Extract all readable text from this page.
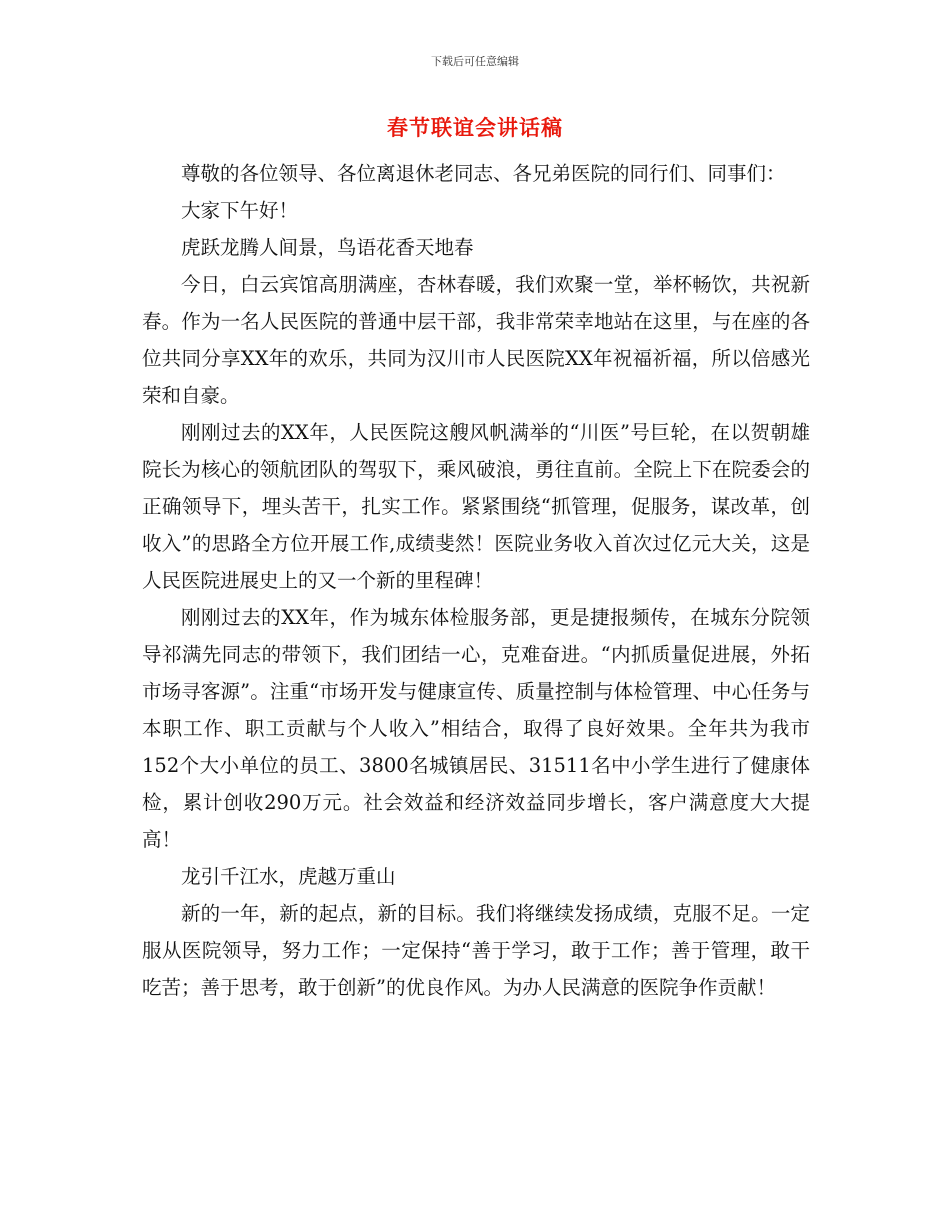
下载后可任意编辑
春节联谊会讲话稿

尊敬的各位领导、各位离退休老同志、各兄弟医院的同行们、同事们：

大家下午好！

虎跃龙腾人间景，鸟语花香天地春

今日，白云宾馆高朋满座，杏林春暖，我们欢聚一堂，举杯畅饮，共祝新春。作为一名人民医院的普通中层干部，我非常荣幸地站在这里，与在座的各位共同分享XX年的欢乐，共同为汉川市人民医院XX年祝福祈福，所以倍感光荣和自豪。

刚刚过去的XX年，人民医院这艘风帆满举的“川医”号巨轮，在以贺朝雄院长为核心的领航团队的驾驭下，乘风破浪，勇往直前。全院上下在院委会的正确领导下，埋头苦干，扎实工作。紧紧围绕“抓管理，促服务，谋改革，创收入”的思路全方位开展工作,成绩斐然！医院业务收入首次过亿元大关，这是人民医院进展史上的又一个新的里程碑！

刚刚过去的XX年，作为城东体检服务部，更是捷报频传，在城东分院领导祁满先同志的带领下，我们团结一心，克难奋进。“内抓质量促进展，外拓市场寻客源”。注重“市场开发与健康宣传、质量控制与体检管理、中心任务与本职工作、职工贡献与个人收入”相结合，取得了良好效果。全年共为我市152个大小单位的员工、3800名城镇居民、31511名中小学生进行了健康体检，累计创收290万元。社会效益和经济效益同步增长，客户满意度大大提高！

龙引千江水，虎越万重山

新的一年，新的起点，新的目标。我们将继续发扬成绩，克服不足。一定服从医院领导，努力工作；一定保持“善于学习，敢于工作；善于管理，敢干吃苦；善于思考，敢于创新”的优良作风。为办人民满意的医院争作贡献！
